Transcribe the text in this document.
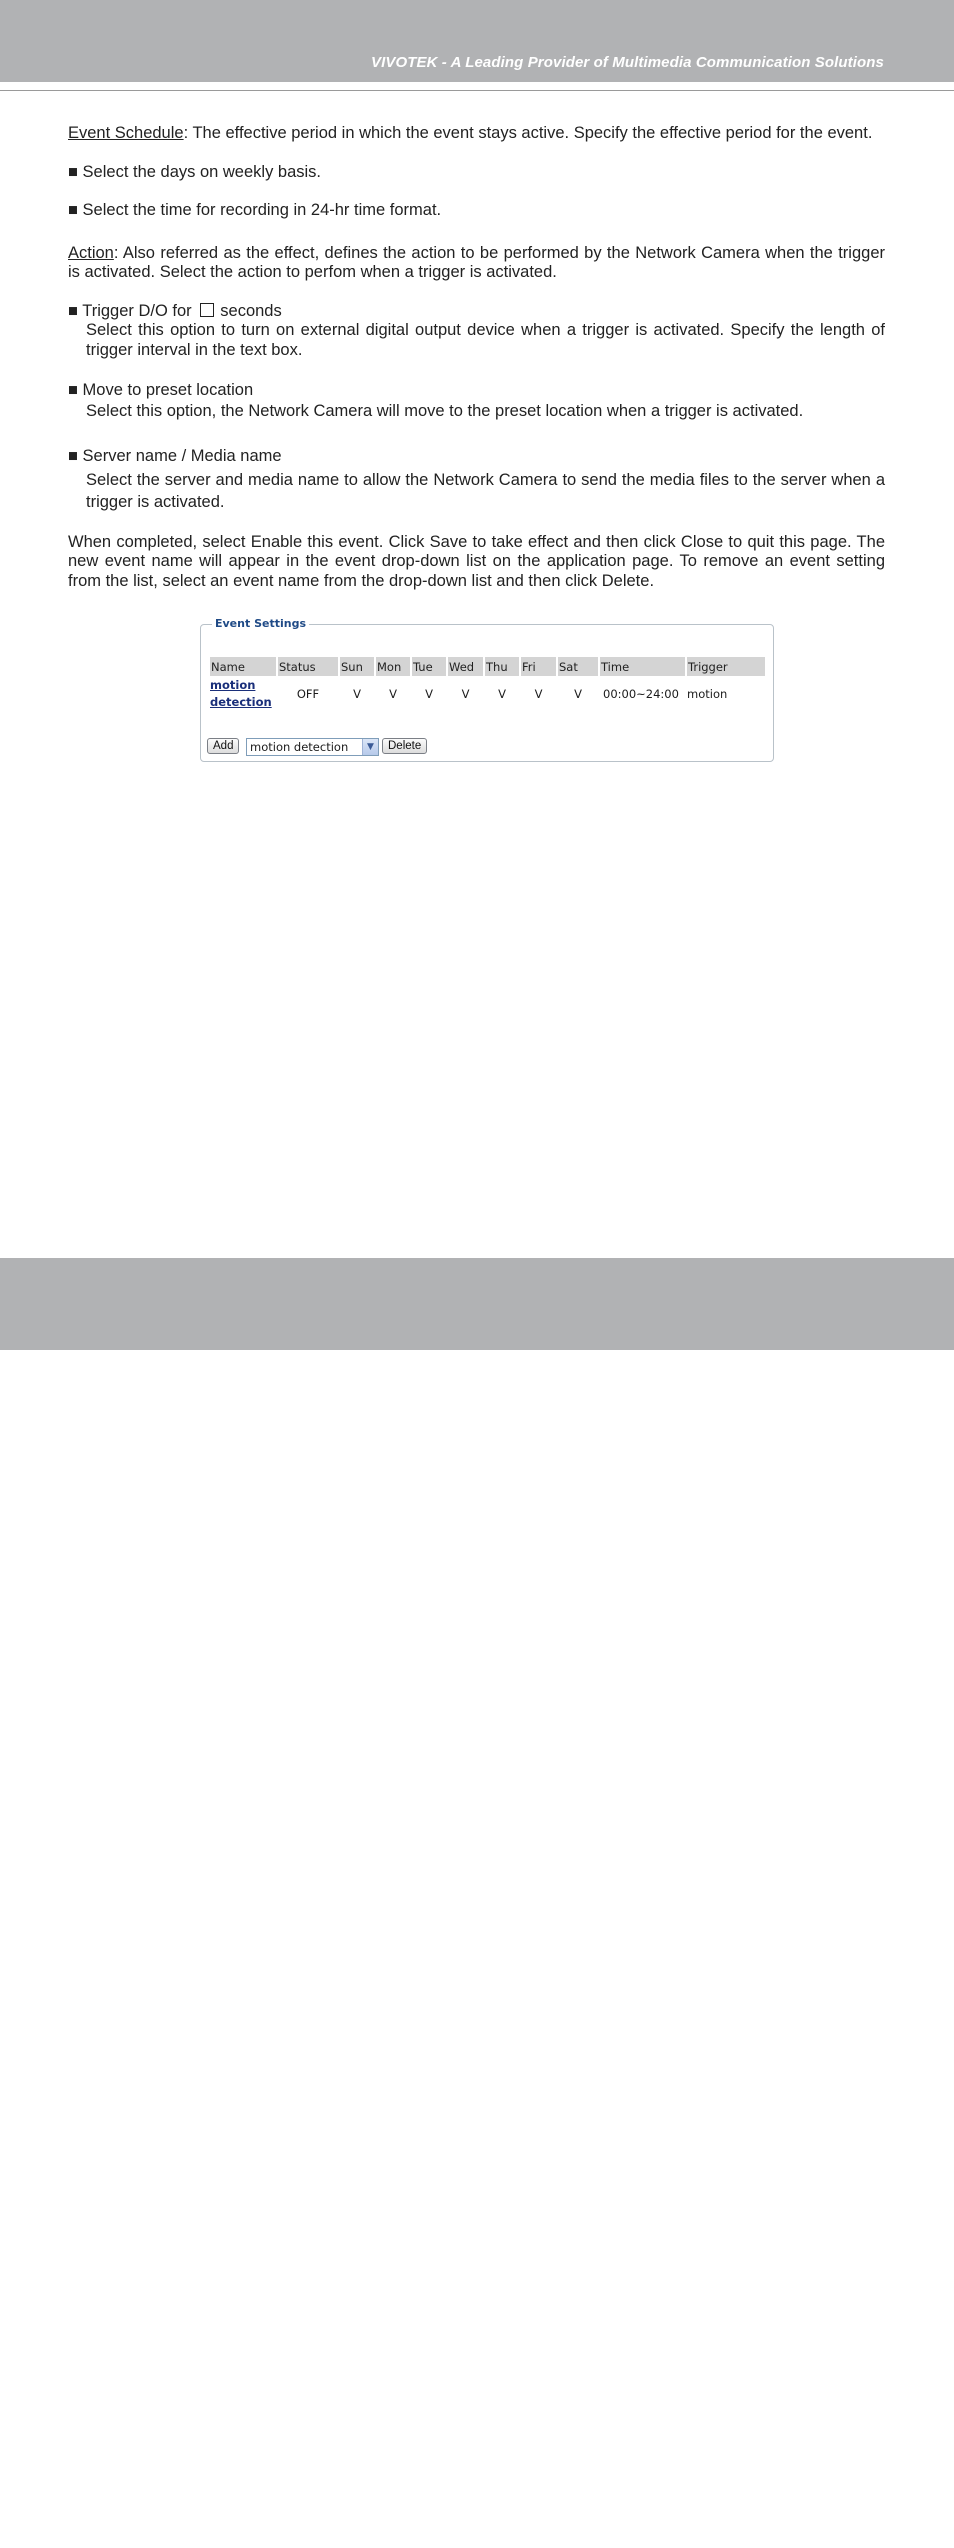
VIVOTEK - A Leading Provider of Multimedia Communication Solutions

Event Schedule: The effective period in which the event stays active. Specify the effective period for the event.

■ Select the days on weekly basis.

■ Select the time for recording in 24-hr time format.

Action: Also referred as the effect, defines the action to be performed by the Network Camera when the trigger is activated. Select the action to perfom when a trigger is activated.

■ Trigger D/O for seconds

Select this option to turn on external digital output device when a trigger is activated. Specify the length of trigger interval in the text box.

■ Move to preset location

Select this option, the Network Camera will move to the preset location when a trigger is activated.

■ Server name / Media name

Select the server and media name to allow the Network Camera to send the media files to the server when a trigger is activated.

When completed, select Enable this event. Click Save to take effect and then click Close to quit this page. The new event name will appear in the event drop-down list on the application page. To remove an event setting from the list, select an event name from the drop-down list and then click Delete.

Event Settings
Name	Status	Sun	Mon	Tue	Wed	Thu	Fri	Sat	Time	Trigger

motion
detection	OFF	V	V	V	V	V	V	V	00:00~24:00	motion
Add	motion detection	▼	Delete
User's Manual - 55
